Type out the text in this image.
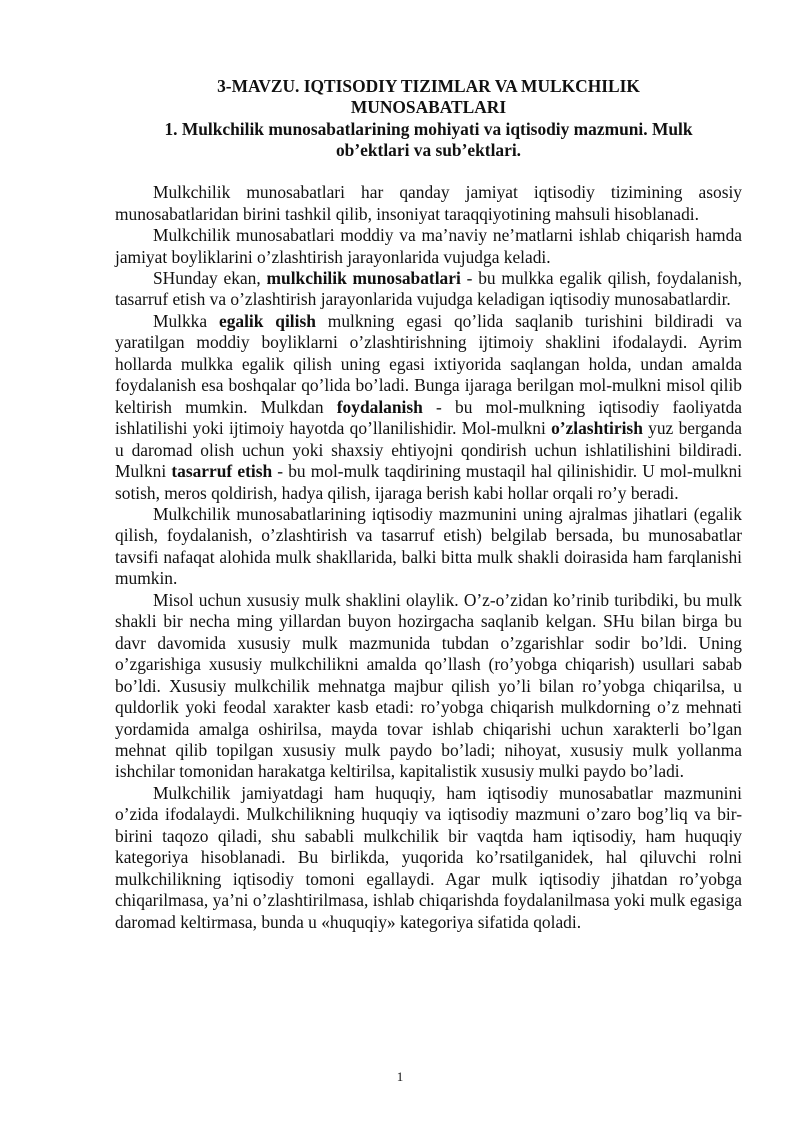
3-MAVZU. IQTISODIY TIZIMLAR VA MULKCHILIK
MUNOSABATLARI
1. Mulkchilik munosabatlarining mohiyati va iqtisodiy mazmuni. Mulk
ob’ektlari va sub’ektlari.

Mulkchilik munosabatlari har qanday jamiyat iqtisodiy tizimining asosiy munosabatlaridan birini tashkil qilib, insoniyat taraqqiyotining mahsuli hisoblanadi.

Mulkchilik munosabatlari moddiy va ma’naviy ne’matlarni ishlab chiqarish hamda jamiyat boyliklarini o’zlashtirish jarayonlarida vujudga keladi.

SHunday ekan, mulkchilik munosabatlari - bu mulkka egalik qilish, foydalanish, tasarruf etish va o’zlashtirish jarayonlarida vujudga keladigan iqtisodiy munosabatlardir.

Mulkka egalik qilish mulkning egasi qo’lida saqlanib turishini bildiradi va yaratilgan moddiy boyliklarni o’zlashtirishning ijtimoiy shaklini ifodalaydi. Ayrim hollarda mulkka egalik qilish uning egasi ixtiyorida saqlangan holda, undan amalda foydalanish esa boshqalar qo’lida bo’ladi. Bunga ijaraga berilgan mol-mulkni misol qilib keltirish mumkin. Mulkdan foydalanish - bu mol-mulkning iqtisodiy faoliyatda ishlatilishi yoki ijtimoiy hayotda qo’llanilishidir. Mol-mulkni o’zlashtirish yuz berganda u daromad olish uchun yoki shaxsiy ehtiyojni qondirish uchun ishlatilishini bildiradi. Mulkni tasarruf etish - bu mol-mulk taqdirining mustaqil hal qilinishidir. U mol-mulkni sotish, meros qoldirish, hadya qilish, ijaraga berish kabi hollar orqali ro’y beradi.

Mulkchilik munosabatlarining iqtisodiy mazmunini uning ajralmas jihatlari (egalik qilish, foydalanish, o’zlashtirish va tasarruf etish) belgilab bersada, bu munosabatlar tavsifi nafaqat alohida mulk shakllarida, balki bitta mulk shakli doirasida ham farqlanishi mumkin.

Misol uchun xususiy mulk shaklini olaylik. O’z-o’zidan ko’rinib turibdiki, bu mulk shakli bir necha ming yillardan buyon hozirgacha saqlanib kelgan. SHu bilan birga bu davr davomida xususiy mulk mazmunida tubdan o’zgarishlar sodir bo’ldi. Uning o’zgarishiga xususiy mulkchilikni amalda qo’llash (ro’yobga chiqarish) usullari sabab bo’ldi. Xususiy mulkchilik mehnatga majbur qilish yo’li bilan ro’yobga chiqarilsa, u quldorlik yoki feodal xarakter kasb etadi: ro’yobga chiqarish mulkdorning o’z mehnati yordamida amalga oshirilsa, mayda tovar ishlab chiqarishi uchun xarakterli bo’lgan mehnat qilib topilgan xususiy mulk paydo bo’ladi; nihoyat, xususiy mulk yollanma ishchilar tomonidan harakatga keltirilsa, kapitalistik xususiy mulki paydo bo’ladi.

Mulkchilik jamiyatdagi ham huquqiy, ham iqtisodiy munosabatlar mazmunini o’zida ifodalaydi. Mulkchilikning huquqiy va iqtisodiy mazmuni o’zaro bog’liq va bir-birini taqozo qiladi, shu sababli mulkchilik bir vaqtda ham iqtisodiy, ham huquqiy kategoriya hisoblanadi. Bu birlikda, yuqorida ko’rsatilganidek, hal qiluvchi rolni mulkchilikning iqtisodiy tomoni egallaydi. Agar mulk iqtisodiy jihatdan ro’yobga chiqarilmasa, ya’ni o’zlashtirilmasa, ishlab chiqarishda foydalanilmasa yoki mulk egasiga daromad keltirmasa, bunda u «huquqiy» kategoriya sifatida qoladi.

1
